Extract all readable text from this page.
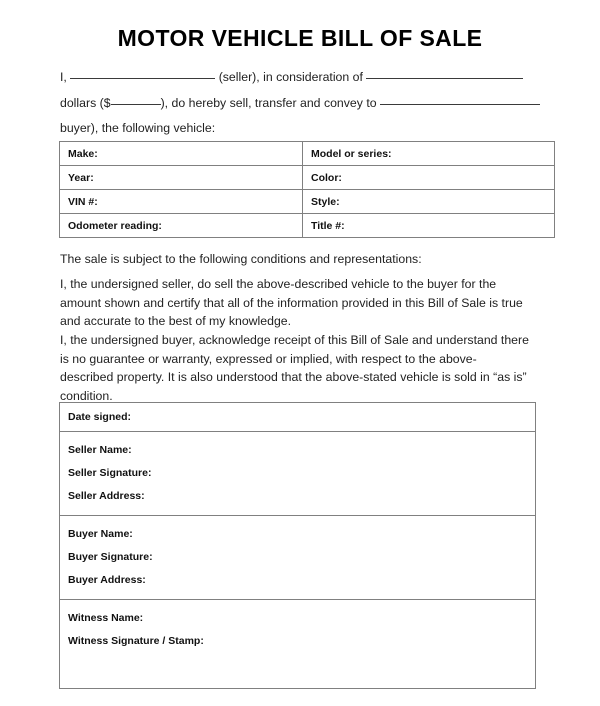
MOTOR VEHICLE BILL OF SALE
I,	(seller), in consideration of
dollars ($	), do hereby sell, transfer and convey to
buyer), the following vehicle:
Make:	Model or series:
Year:	Color:
VIN #:	Style:
Odometer reading:	Title #:
The sale is subject to the following conditions and representations:
I, the undersigned seller, do sell the above-described vehicle to the buyer for the amount shown and certify that all of the information provided in this Bill of Sale is true and accurate to the best of my knowledge.
I, the undersigned buyer, acknowledge receipt of this Bill of Sale and understand there is no guarantee or warranty, expressed or implied, with respect to the above-described property. It is also understood that the above-stated vehicle is sold in “as is” condition.
Date signed:

Seller Name:
Seller Signature:
Seller Address:

Buyer Name:
Buyer Signature:
Buyer Address:

Witness Name:
Witness Signature / Stamp:
